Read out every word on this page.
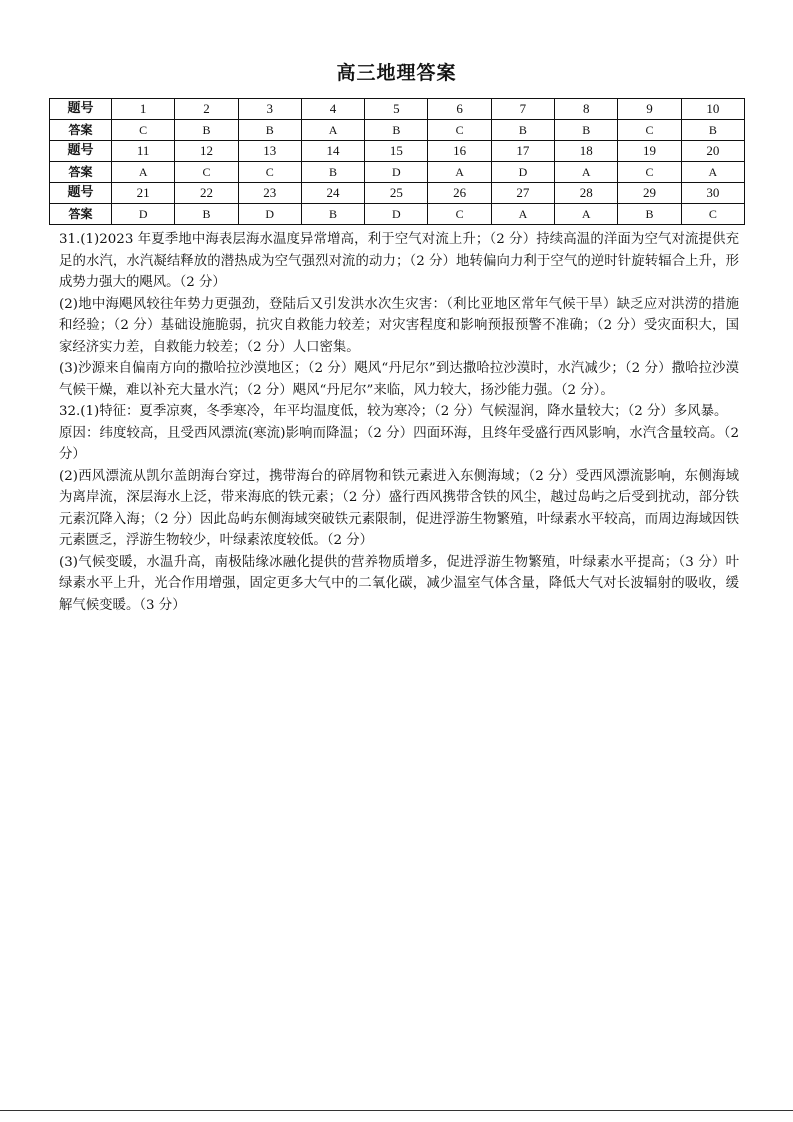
高三地理答案
题号	1	2	3	4	5	6	7	8	9	10
答案	C	B	B	A	B	C	B	B	C	B
题号	11	12	13	14	15	16	17	18	19	20
答案	A	C	C	B	D	A	D	A	C	A
题号	21	22	23	24	25	26	27	28	29	30
答案	D	B	D	B	D	C	A	A	B	C

31.(1)2023 年夏季地中海表层海水温度异常增高，利于空气对流上升；（2 分）持续高温的洋面为空气对流提供充足的水汽，水汽凝结释放的潜热成为空气强烈对流的动力；（2 分）地转偏向力利于空气的逆时针旋转辐合上升，形成势力强大的飓风。（2 分）

(2)地中海飓风较往年势力更强劲，登陆后又引发洪水次生灾害：（利比亚地区常年气候干旱）缺乏应对洪涝的措施和经验；（2 分）基础设施脆弱，抗灾自救能力较差；对灾害程度和影响预报预警不准确；（2 分）受灾面积大，国家经济实力差，自救能力较差；（2 分）人口密集。

(3)沙源来自偏南方向的撒哈拉沙漠地区；（2 分）飓风“丹尼尔”到达撒哈拉沙漠时，水汽减少；（2 分）撒哈拉沙漠气候干燥，难以补充大量水汽；（2 分）飓风“丹尼尔”来临，风力较大，扬沙能力强。（2 分）。

32.(1)特征：夏季凉爽，冬季寒冷，年平均温度低，较为寒冷；（2 分）气候湿润，降水量较大；（2 分）多风暴。

原因：纬度较高，且受西风漂流(寒流)影响而降温；（2 分）四面环海，且终年受盛行西风影响，水汽含量较高。（2 分）

(2)西风漂流从凯尔盖朗海台穿过，携带海台的碎屑物和铁元素进入东侧海域；（2 分）受西风漂流影响，东侧海域为离岸流，深层海水上泛，带来海底的铁元素；（2 分）盛行西风携带含铁的风尘，越过岛屿之后受到扰动，部分铁元素沉降入海；（2 分）因此岛屿东侧海域突破铁元素限制，促进浮游生物繁殖，叶绿素水平较高，而周边海域因铁元素匮乏，浮游生物较少，叶绿素浓度较低。（2 分）

(3)气候变暖，水温升高，南极陆缘冰融化提供的营养物质增多，促进浮游生物繁殖，叶绿素水平提高；（3 分）叶绿素水平上升，光合作用增强，固定更多大气中的二氧化碳，减少温室气体含量，降低大气对长波辐射的吸收，缓解气候变暖。（3 分）
